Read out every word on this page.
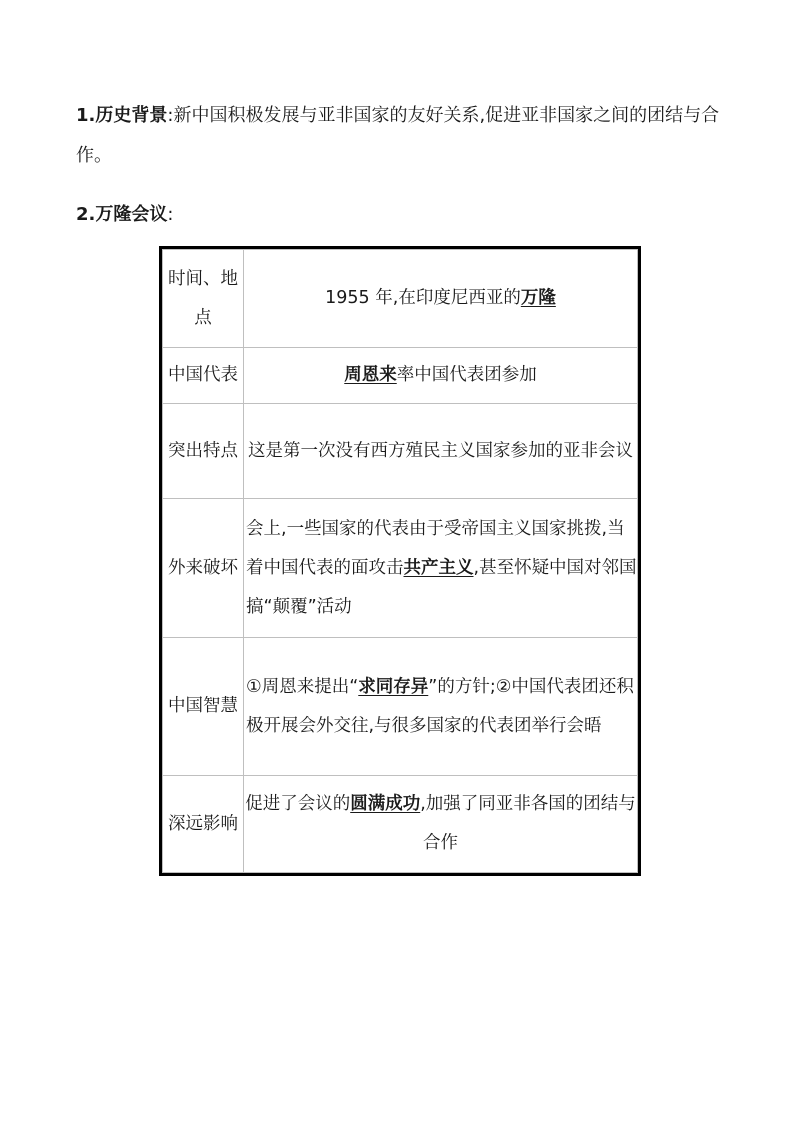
1.历史背景:新中国积极发展与亚非国家的友好关系,促进亚非国家之间的团结与合作。

2.万隆会议:

时间、地点	1955 年,在印度尼西亚的万隆
中国代表	周恩来率中国代表团参加
突出特点	这是第一次没有西方殖民主义国家参加的亚非会议
外来破坏	会上,一些国家的代表由于受帝国主义国家挑拨,当着中国代表的面攻击共产主义,甚至怀疑中国对邻国搞“颠覆”活动
中国智慧	①周恩来提出“求同存异”的方针;②中国代表团还积极开展会外交往,与很多国家的代表团举行会晤
深远影响	促进了会议的圆满成功,加强了同亚非各国的团结与合作
